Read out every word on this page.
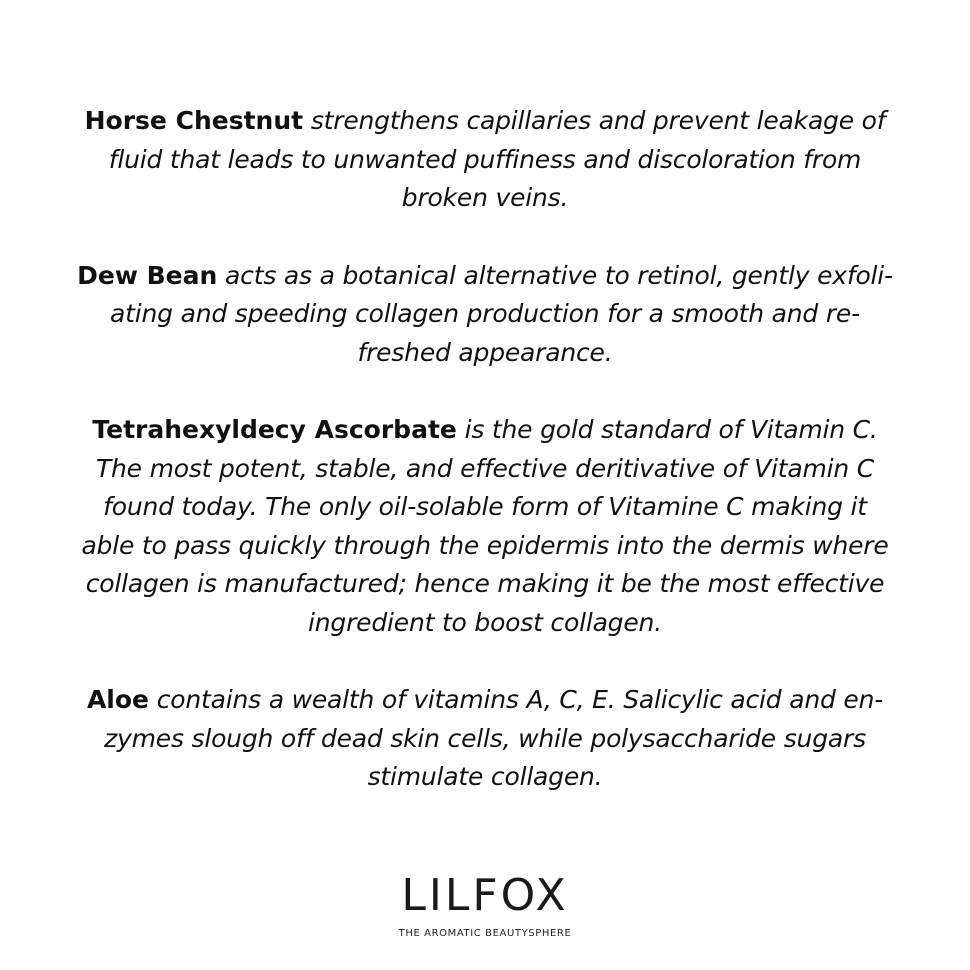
Horse Chestnut strengthens capillaries and prevent leakage of
fluid that leads to unwanted puffiness and discoloration from
broken veins.

Dew Bean acts as a botanical alternative to retinol, gently exfoli-
ating and speeding collagen production for a smooth and re-
freshed appearance.

Tetrahexyldecy Ascorbate is the gold standard of Vitamin C.
The most potent, stable, and effective deritivative of Vitamin C
found today. The only oil-solable form of Vitamine C making it
able to pass quickly through the epidermis into the dermis where
collagen is manufactured; hence making it be the most effective
ingredient to boost collagen.

Aloe contains a wealth of vitamins A, C, E. Salicylic acid and en-
zymes slough off dead skin cells, while polysaccharide sugars
stimulate collagen.

LILFOX
THE AROMATIC BEAUTYSPHERE
